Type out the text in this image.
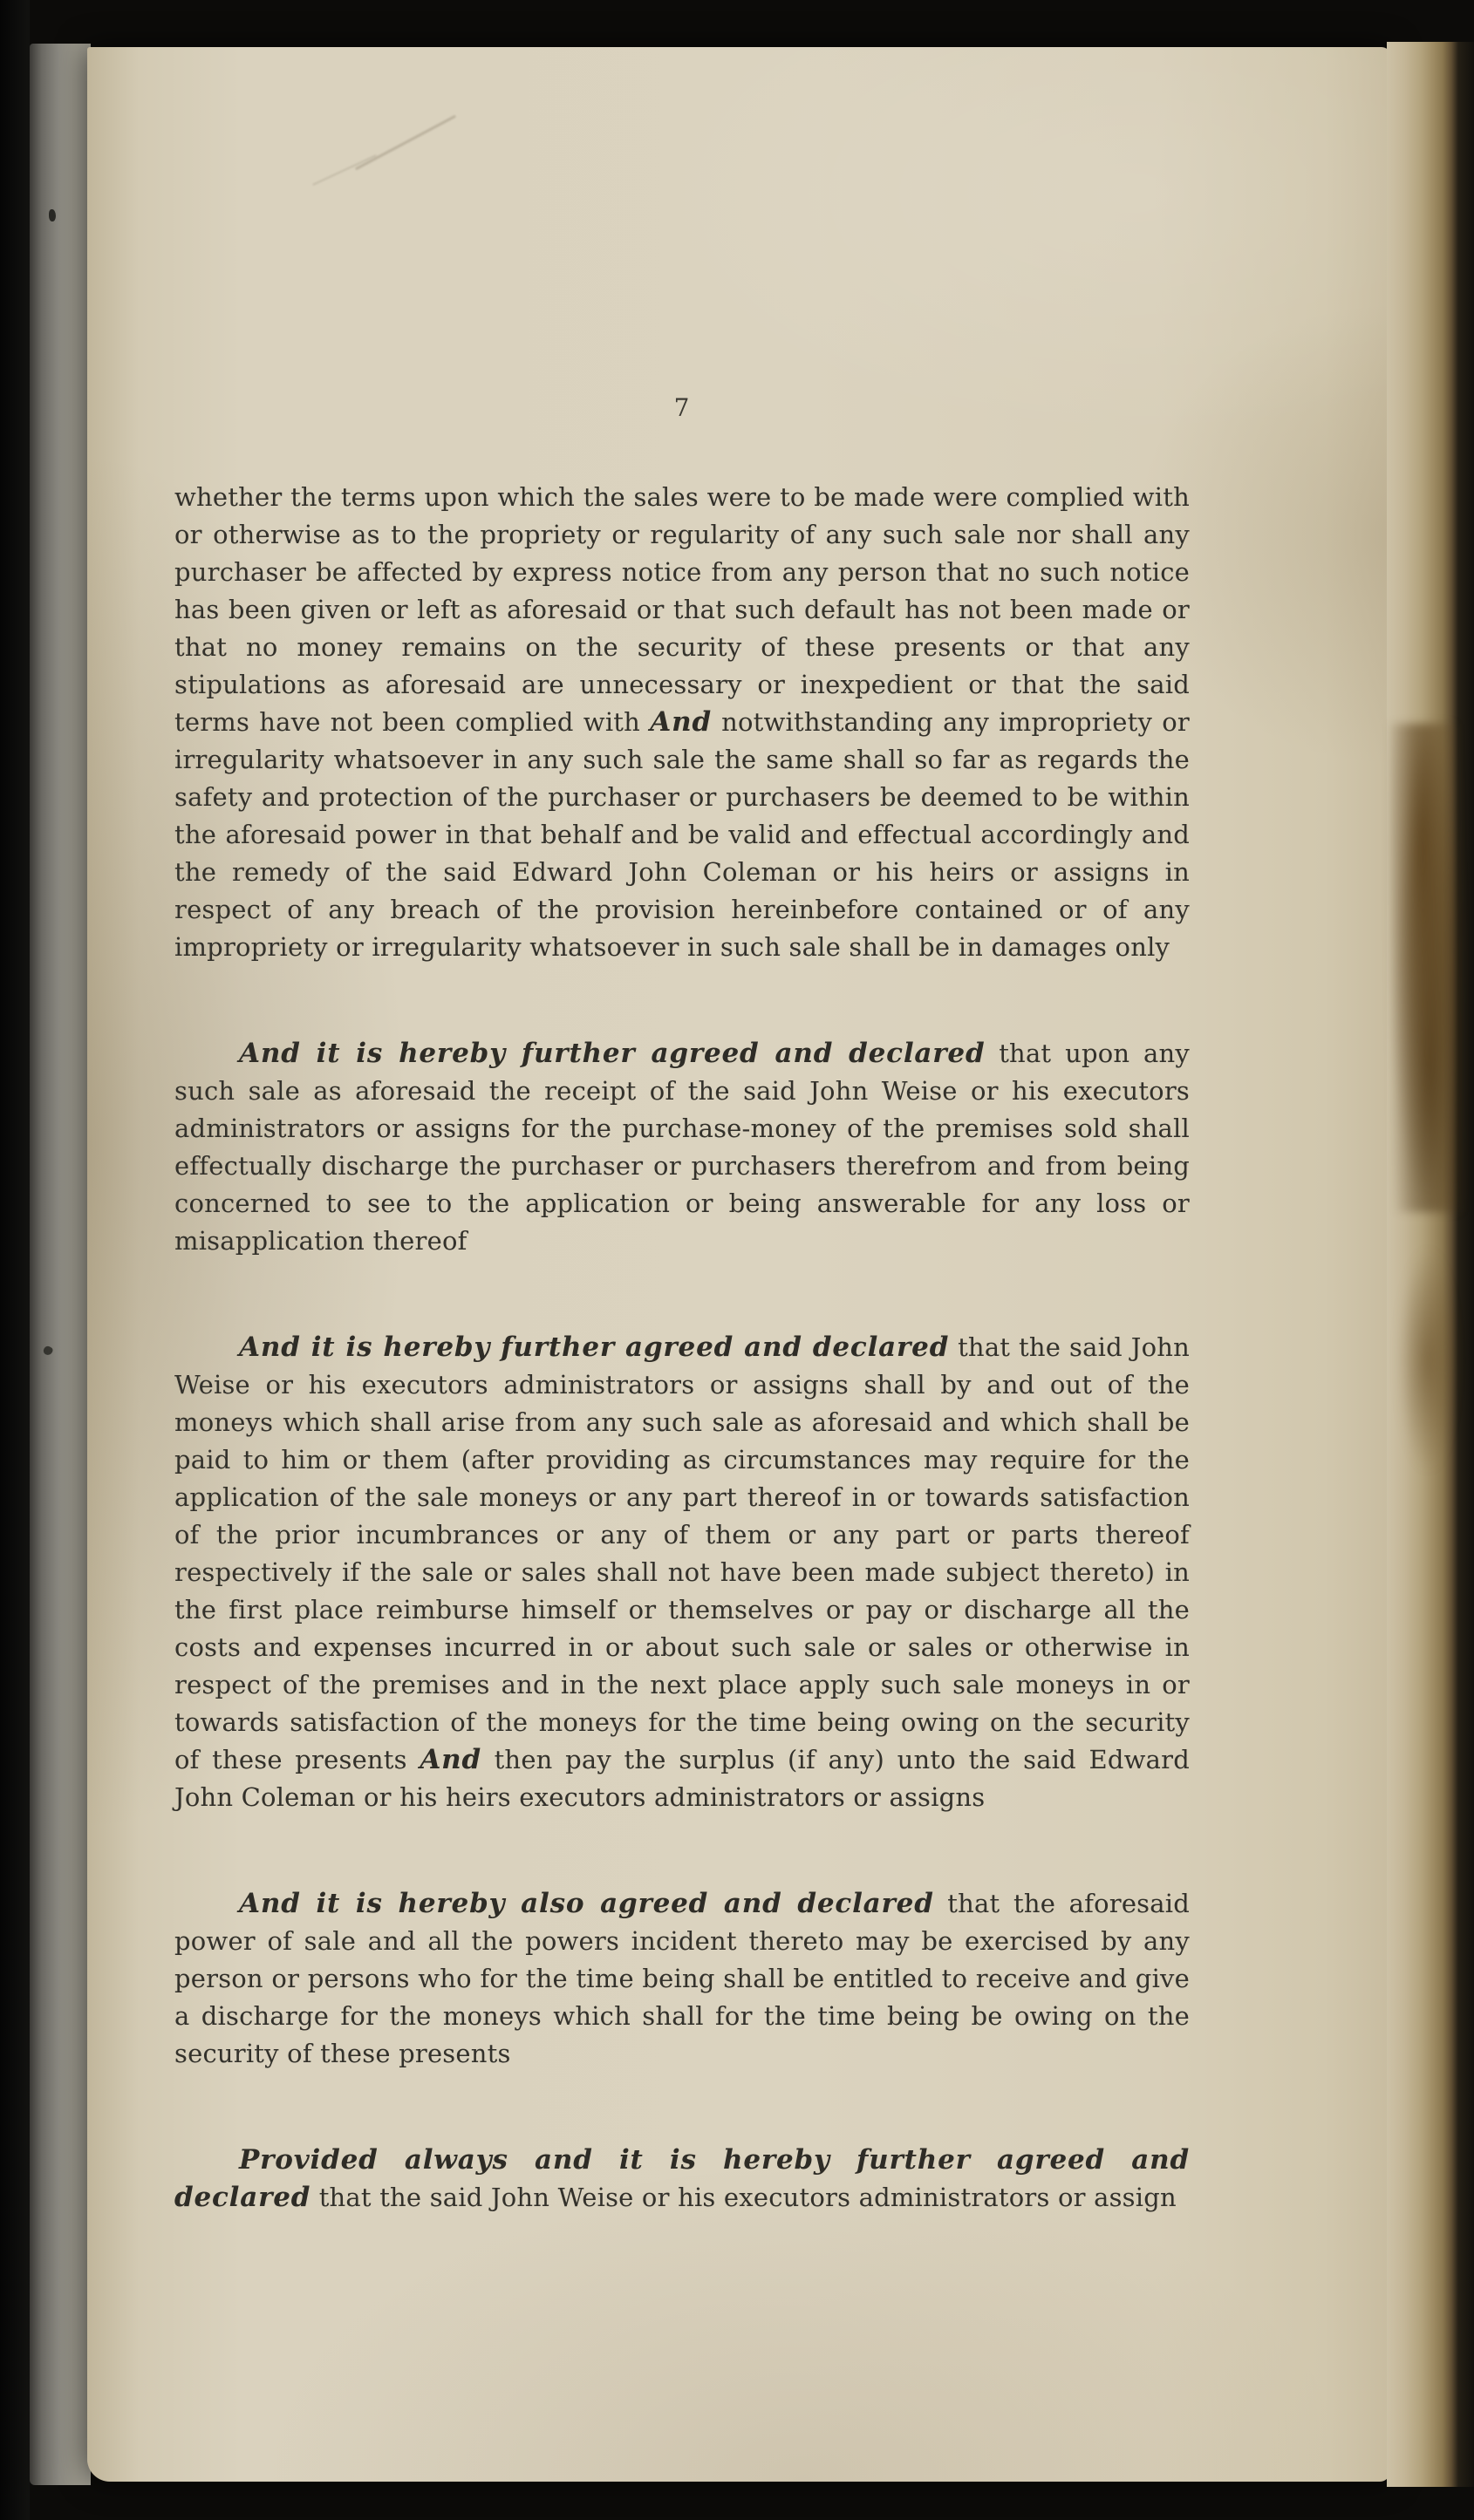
7

whether the terms upon which the sales were to be made were complied with or otherwise as to the propriety or regularity of any such sale nor shall any purchaser be affected by express notice from any person that no such notice has been given or left as aforesaid or that such default has not been made or that no money remains on the security of these presents or that any stipulations as aforesaid are unnecessary or inexpedient or that the said terms have not been complied with And notwithstanding any impropriety or irregularity whatsoever in any such sale the same shall so far as regards the safety and protection of the purchaser or purchasers be deemed to be within the aforesaid power in that behalf and be valid and effectual accordingly and the remedy of the said Edward John Coleman or his heirs or assigns in respect of any breach of the provision hereinbefore contained or of any impropriety or irregularity whatsoever in such sale shall be in damages only

And it is hereby further agreed and declared that upon any such sale as aforesaid the receipt of the said John Weise or his executors administrators or assigns for the purchase-money of the premises sold shall effectually discharge the purchaser or purchasers therefrom and from being concerned to see to the application or being answerable for any loss or misapplication thereof

And it is hereby further agreed and declared that the said John Weise or his executors administrators or assigns shall by and out of the moneys which shall arise from any such sale as aforesaid and which shall be paid to him or them (after providing as circumstances may require for the application of the sale moneys or any part thereof in or towards satisfaction of the prior incumbrances or any of them or any part or parts thereof respectively if the sale or sales shall not have been made subject thereto) in the first place reimburse himself or themselves or pay or discharge all the costs and expenses incurred in or about such sale or sales or otherwise in respect of the premises and in the next place apply such sale moneys in or towards satisfaction of the moneys for the time being owing on the security of these presents And then pay the surplus (if any) unto the said Edward John Coleman or his heirs executors administrators or assigns

And it is hereby also agreed and declared that the aforesaid power of sale and all the powers incident thereto may be exercised by any person or persons who for the time being shall be entitled to receive and give a discharge for the moneys which shall for the time being be owing on the security of these presents

Provided always and it is hereby further agreed and declared that the said John Weise or his executors administrators or assign
